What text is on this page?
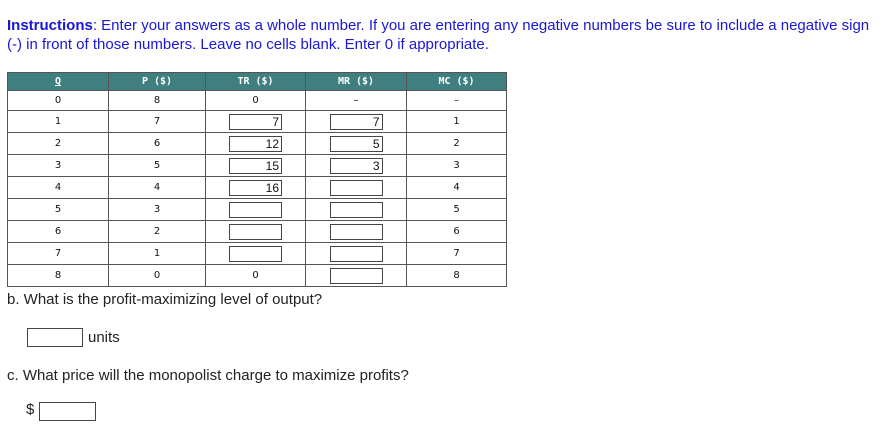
Instructions: Enter your answers as a whole number. If you are entering any negative numbers be sure to include a negative sign (-) in front of those numbers. Leave no cells blank. Enter 0 if appropriate.
Q	P ($)	TR ($)	MR ($)	MC ($)
0	8	0	–	–
1	7	7	7	1
2	6	12	5	2
3	5	15	3	3
4	4	16		4
5	3			5
6	2			6
7	1			7
8	0	0		8
b. What is the profit-maximizing level of output?
units
c. What price will the monopolist charge to maximize profits?
$
